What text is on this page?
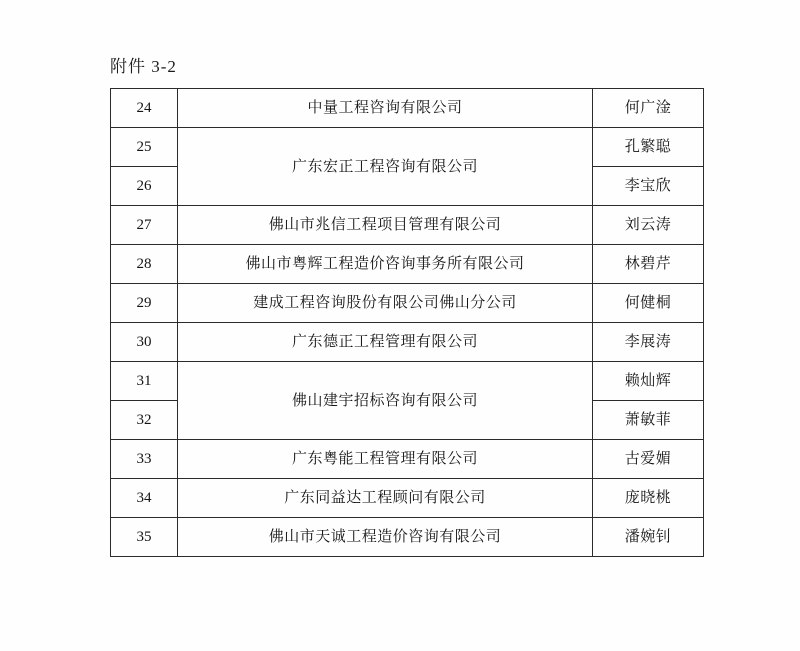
附件 3-2
24	中量工程咨询有限公司	何广淦
25	广东宏正工程咨询有限公司	孔繁聪
26		李宝欣
27	佛山市兆信工程项目管理有限公司	刘云涛
28	佛山市粤辉工程造价咨询事务所有限公司	林碧芹
29	建成工程咨询股份有限公司佛山分公司	何健桐
30	广东德正工程管理有限公司	李展涛
31	佛山建宇招标咨询有限公司	赖灿辉
32		萧敏菲
33	广东粤能工程管理有限公司	古爱媚
34	广东同益达工程顾问有限公司	庞晓桃
35	佛山市天诚工程造价咨询有限公司	潘婉钊
